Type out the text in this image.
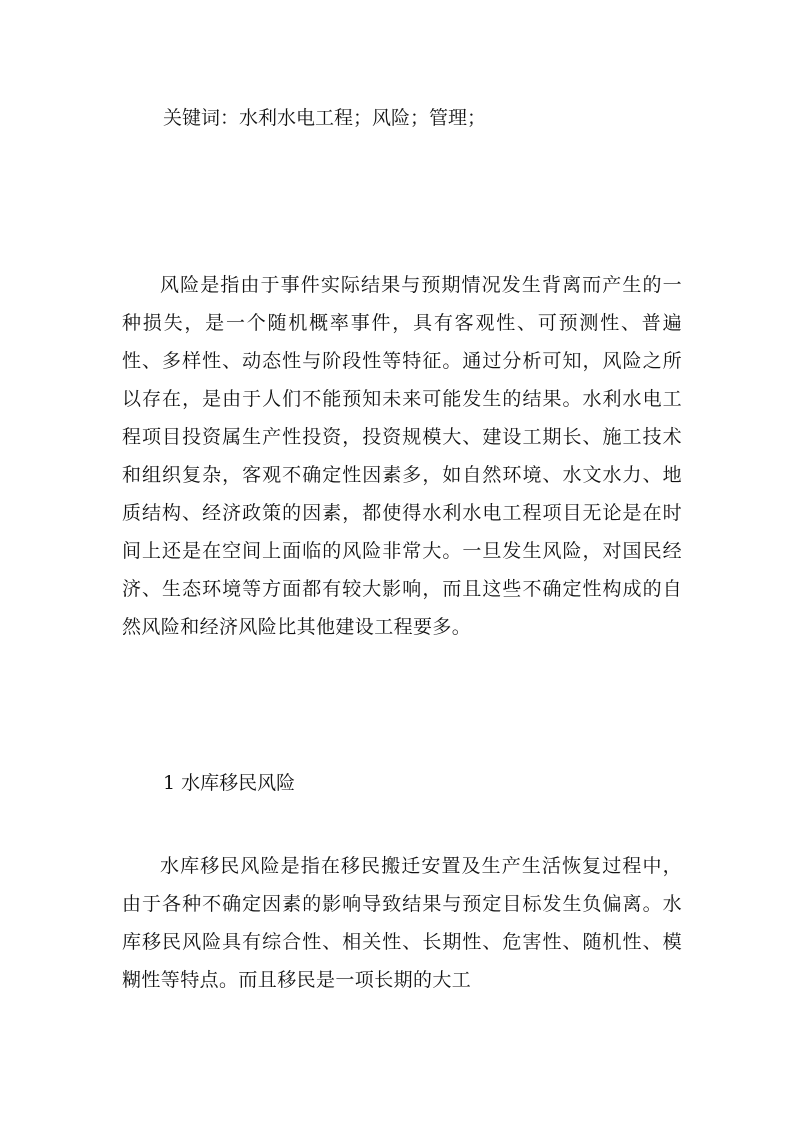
关键词：水利水电工程；风险；管理；
风险是指由于事件实际结果与预期情况发生背离而产生的一种损失，是一个随机概率事件，具有客观性、可预测性、普遍性、多样性、动态性与阶段性等特征。通过分析可知，风险之所以存在，是由于人们不能预知未来可能发生的结果。水利水电工程项目投资属生产性投资，投资规模大、建设工期长、施工技术和组织复杂，客观不确定性因素多，如自然环境、水文水力、地质结构、经济政策的因素，都使得水利水电工程项目无论是在时间上还是在空间上面临的风险非常大。一旦发生风险，对国民经济、生态环境等方面都有较大影响，而且这些不确定性构成的自然风险和经济风险比其他建设工程要多。
1 水库移民风险
水库移民风险是指在移民搬迁安置及生产生活恢复过程中，由于各种不确定因素的影响导致结果与预定目标发生负偏离。水库移民风险具有综合性、相关性、长期性、危害性、随机性、模糊性等特点。而且移民是一项长期的大工
